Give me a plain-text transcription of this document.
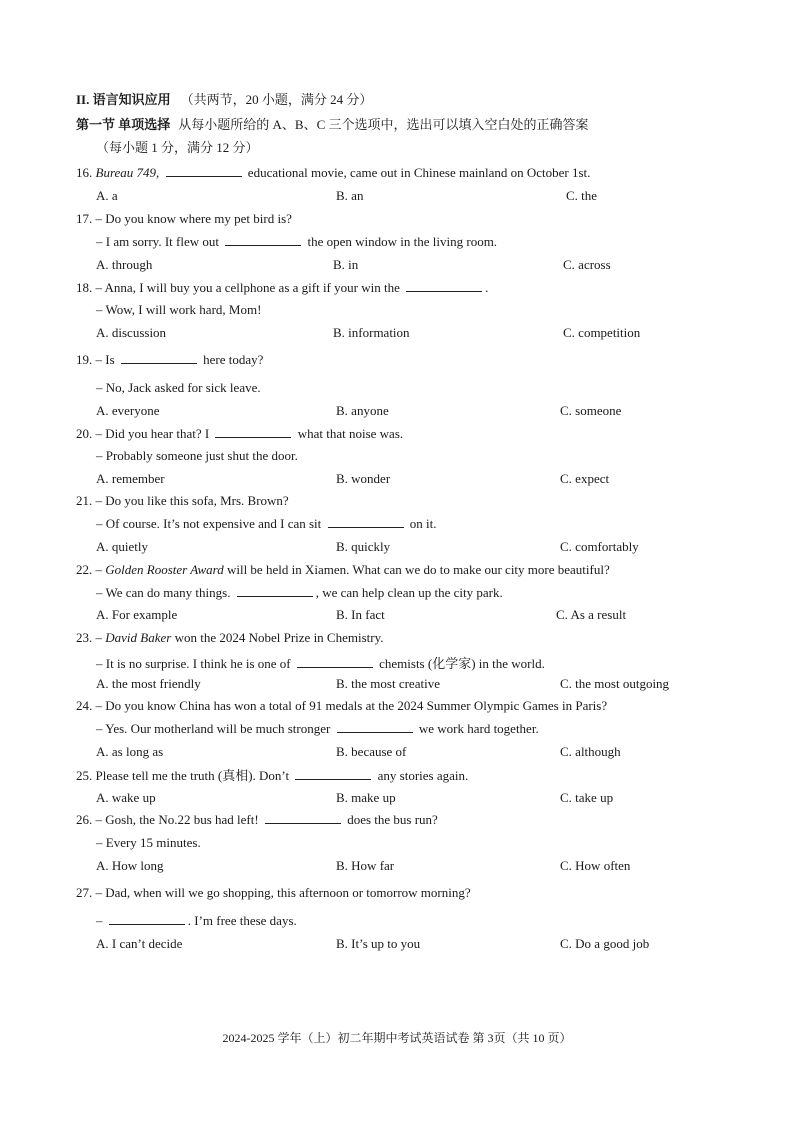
II. 语言知识应用 （共两节，20 小题，满分 24 分）
第一节 单项选择 从每小题所给的 A、B、C 三个选项中，选出可以填入空白处的正确答案
（每小题 1 分，满分 12 分）
16. Bureau 749,	educational movie, came out in Chinese mainland on October 1st.
A. a	B. an	C. the
17. – Do you know where my pet bird is?
– I am sorry. It flew out	the open window in the living room.
A. through	B. in	C. across
18. – Anna, I will buy you a cellphone as a gift if your win the	.
– Wow, I will work hard, Mom!
A. discussion	B. information	C. competition
19. – Is	here today?
– No, Jack asked for sick leave.
A. everyone	B. anyone	C. someone
20. – Did you hear that? I	what that noise was.
– Probably someone just shut the door.
A. remember	B. wonder	C. expect
21. – Do you like this sofa, Mrs. Brown?
– Of course. It’s not expensive and I can sit	on it.
A. quietly	B. quickly	C. comfortably
22. – Golden Rooster Award will be held in Xiamen. What can we do to make our city more beautiful?
– We can do many things.	, we can help clean up the city park.
A. For example	B. In fact	C. As a result
23. – David Baker won the 2024 Nobel Prize in Chemistry.
– It is no surprise. I think he is one of	chemists (化学家) in the world.
A. the most friendly	B. the most creative	C. the most outgoing
24. – Do you know China has won a total of 91 medals at the 2024 Summer Olympic Games in Paris?
– Yes. Our motherland will be much stronger	we work hard together.
A. as long as	B. because of	C. although
25. Please tell me the truth (真相). Don’t	any stories again.
A. wake up	B. make up	C. take up
26. – Gosh, the No.22 bus had left!	does the bus run?
– Every 15 minutes.
A. How long	B. How far	C. How often
27. – Dad, when will we go shopping, this afternoon or tomorrow morning?
–	. I’m free these days.
A. I can’t decide	B. It’s up to you	C. Do a good job
2024-2025 学年（上）初二年期中考试英语试卷 第 3页（共 10 页）
